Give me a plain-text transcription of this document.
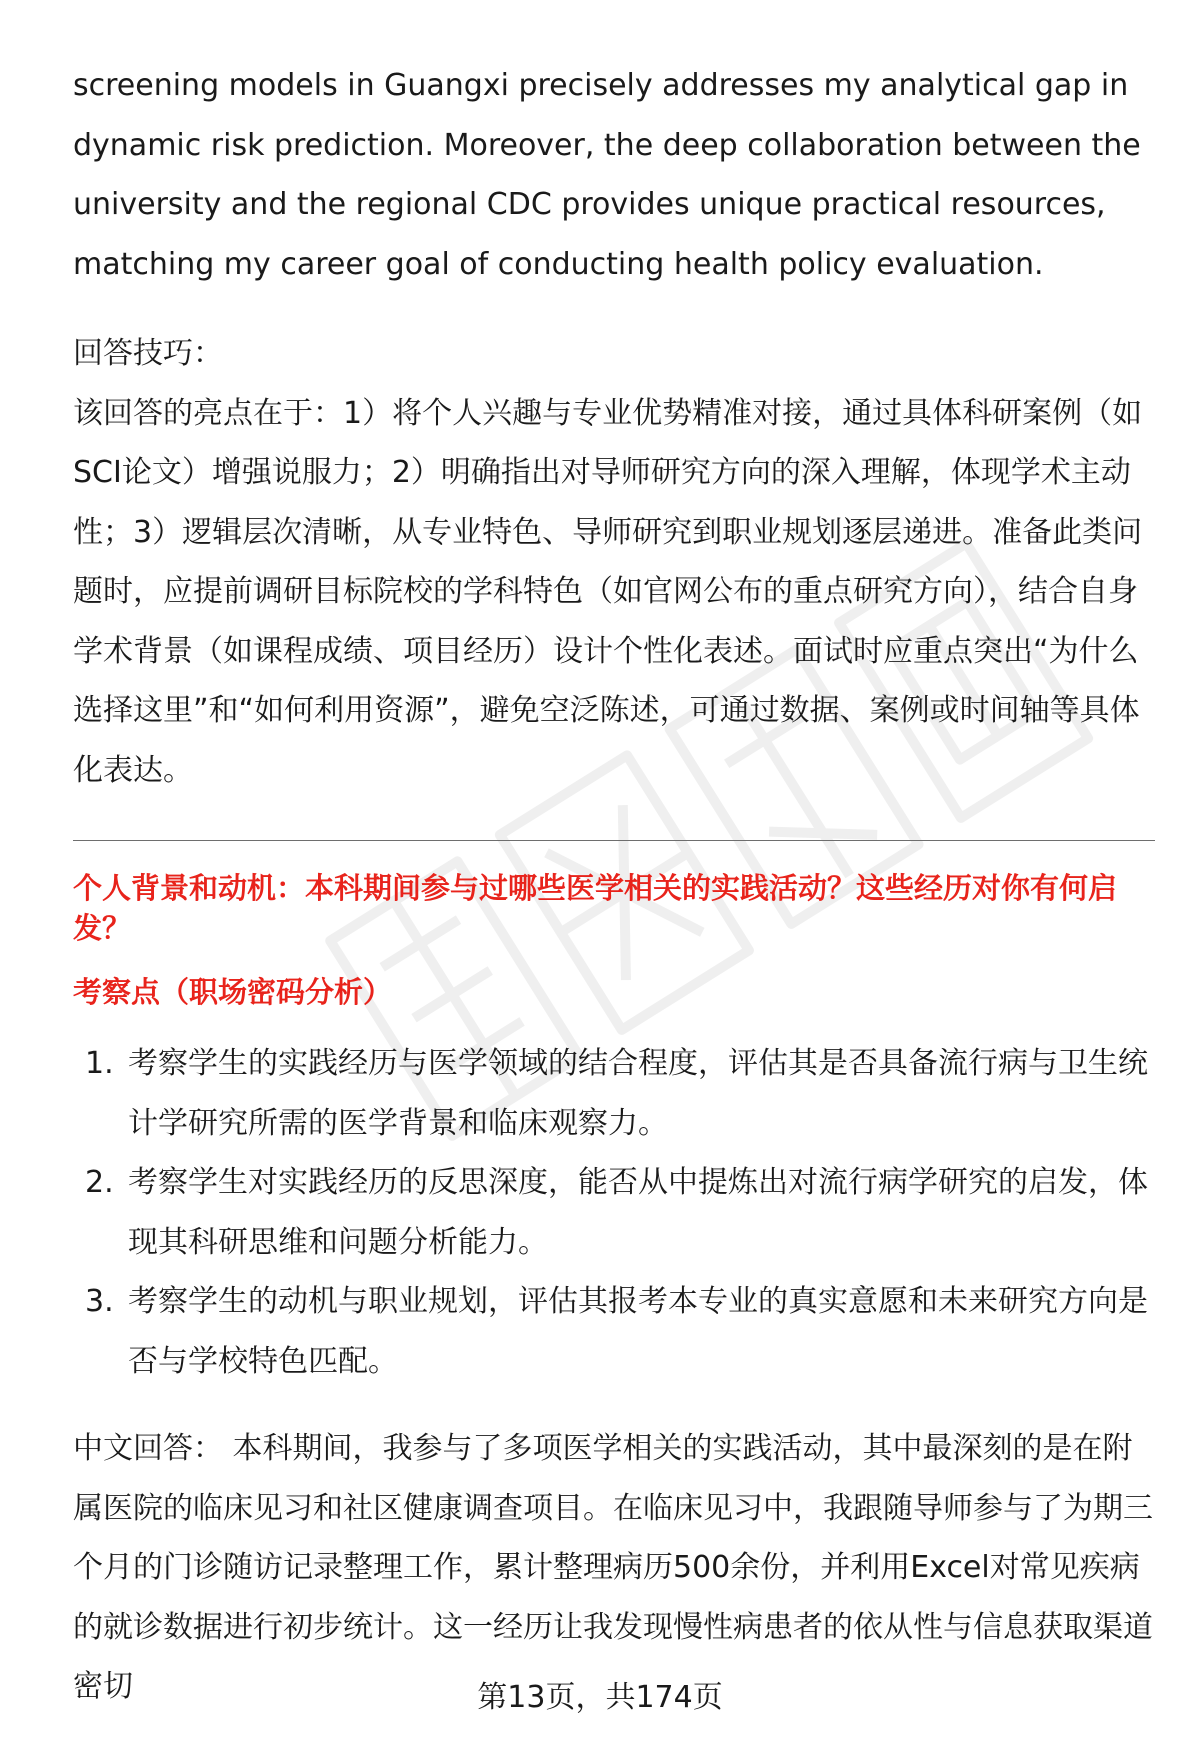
screening models in Guangxi precisely addresses my analytical gap in dynamic risk prediction. Moreover, the deep collaboration between the university and the regional CDC provides unique practical resources, matching my career goal of conducting health policy evaluation.

回答技巧：

该回答的亮点在于：1）将个人兴趣与专业优势精准对接，通过具体科研案例（如SCI论文）增强说服力；2）明确指出对导师研究方向的深入理解，体现学术主动性；3）逻辑层次清晰，从专业特色、导师研究到职业规划逐层递进。准备此类问题时，应提前调研目标院校的学科特色（如官网公布的重点研究方向），结合自身学术背景（如课程成绩、项目经历）设计个性化表述。面试时应重点突出“为什么选择这里”和“如何利用资源”，避免空泛陈述，可通过数据、案例或时间轴等具体化表达。

个人背景和动机：本科期间参与过哪些医学相关的实践活动？这些经历对你有何启发？

考察点（职场密码分析）

1. 考察学生的实践经历与医学领域的结合程度，评估其是否具备流行病与卫生统计学研究所需的医学背景和临床观察力。
2. 考察学生对实践经历的反思深度，能否从中提炼出对流行病学研究的启发，体现其科研思维和问题分析能力。
3. 考察学生的动机与职业规划，评估其报考本专业的真实意愿和未来研究方向是否与学校特色匹配。

中文回答： 本科期间，我参与了多项医学相关的实践活动，其中最深刻的是在附属医院的临床见习和社区健康调查项目。在临床见习中，我跟随导师参与了为期三个月的门诊随访记录整理工作，累计整理病历500余份，并利用Excel对常见疾病的就诊数据进行初步统计。这一经历让我发现慢性病患者的依从性与信息获取渠道密切	第13页，共174页
